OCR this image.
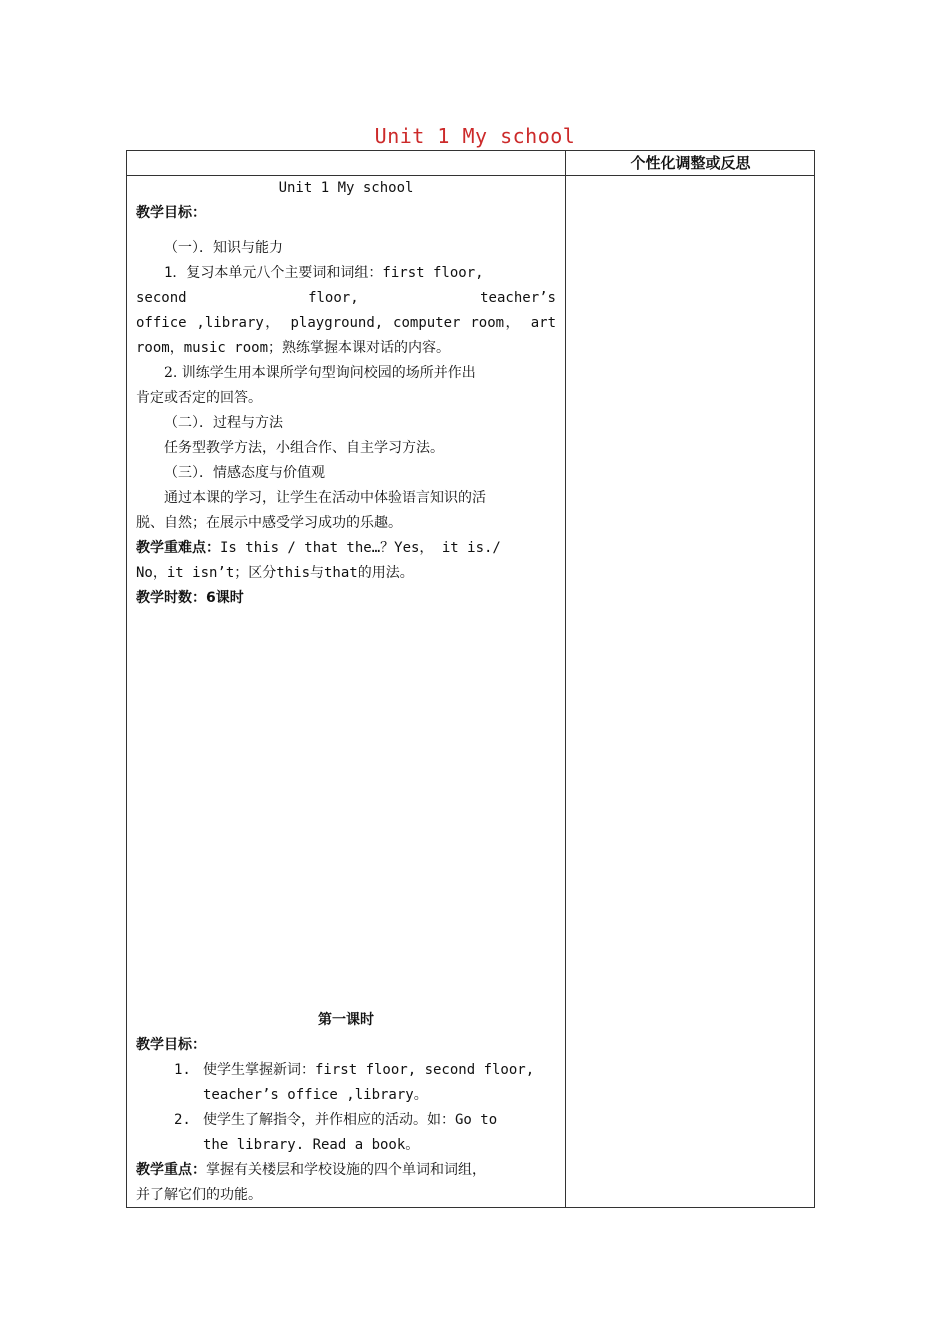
Unit 1 My school
个性化调整或反思

Unit 1 My school

教学目标：

（一）．知识与能力

1．复习本单元八个主要词和词组：first floor,

second floor, teacher’s

office ,library， playground, computer room， art

room，music room；熟练掌握本课对话的内容。

2. 训练学生用本课所学句型询问校园的场所并作出

肯定或否定的回答。

（二）．过程与方法

任务型教学方法，小组合作、自主学习方法。

（三）．情感态度与价值观

通过本课的学习，让学生在活动中体验语言知识的活

脱、自然；在展示中感受学习成功的乐趣。

教学重难点：Is this / that the…？Yes， it is./

No，it isn’t；区分this与that的用法。

教学时数：6课时

第一课时

教学目标：

1. 使学生掌握新词：first floor, second floor,

teacher’s office ,library。

2. 使学生了解指令，并作相应的活动。如：Go to

the library. Read a book。

教学重点：掌握有关楼层和学校设施的四个单词和词组，

并了解它们的功能。
